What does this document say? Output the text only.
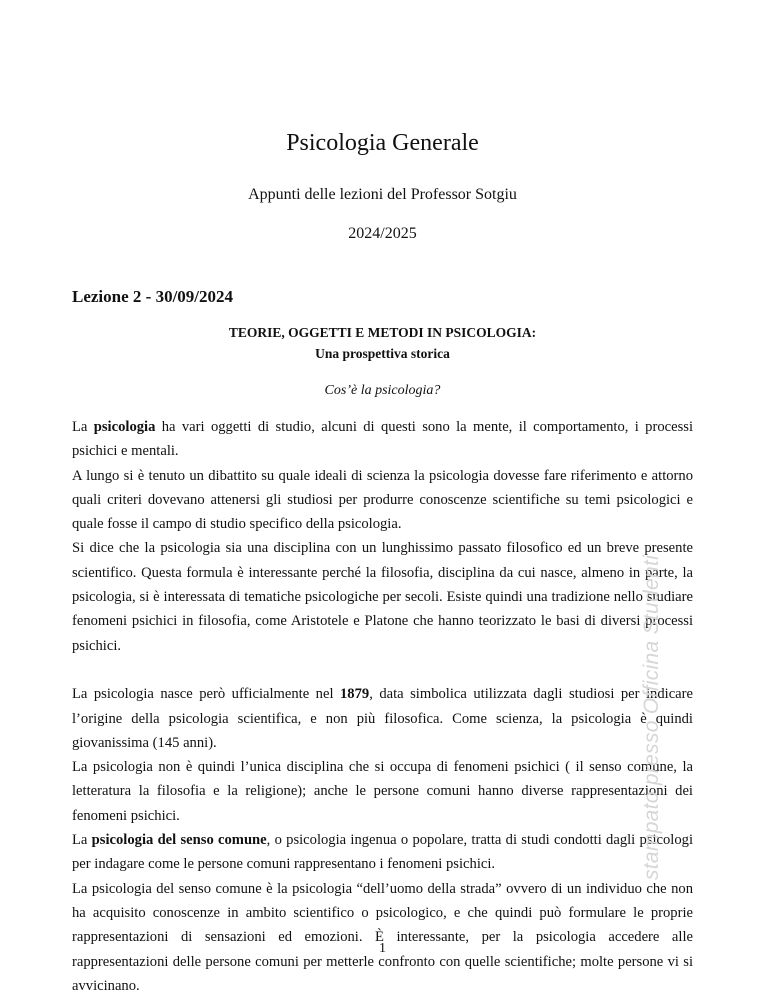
Psicologia Generale
Appunti delle lezioni del Professor Sotgiu
2024/2025
Lezione 2 - 30/09/2024
TEORIE, OGGETTI E METODI IN PSICOLOGIA:
Una prospettiva storica
Cos’è la psicologia?

La psicologia ha vari oggetti di studio, alcuni di questi sono la mente, il comportamento, i processi psichici e mentali.

A lungo si è tenuto un dibattito su quale ideali di scienza la psicologia dovesse fare riferimento e attorno quali criteri dovevano attenersi gli studiosi per produrre conoscenze scientifiche su temi psicologici e quale fosse il campo di studio specifico della psicologia.

Si dice che la psicologia sia una disciplina con un lunghissimo passato filosofico ed un breve presente scientifico. Questa formula è interessante perché la filosofia, disciplina da cui nasce, almeno in parte, la psicologia, si è interessata di tematiche psicologiche per secoli. Esiste quindi una tradizione nello studiare fenomeni psichici in filosofia, come Aristotele e Platone che hanno teorizzato le basi di diversi processi psichici.

La psicologia nasce però ufficialmente nel 1879, data simbolica utilizzata dagli studiosi per indicare l’origine della psicologia scientifica, e non più filosofica. Come scienza, la psicologia è quindi giovanissima (145 anni).

La psicologia non è quindi l’unica disciplina che si occupa di fenomeni psichici ( il senso comune, la letteratura la filosofia e la religione); anche le persone comuni hanno diverse rappresentazioni dei fenomeni psichici.

La psicologia del senso comune, o psicologia ingenua o popolare, tratta di studi condotti dagli psicologi per indagare come le persone comuni rappresentano i fenomeni psichici.

La psicologia del senso comune è la psicologia “dell’uomo della strada” ovvero di un individuo che non ha acquisito conoscenze in ambito scientifico o psicologico, e che quindi può formulare le proprie rappresentazioni di sensazioni ed emozioni. È interessante, per la psicologia accedere alle rappresentazioni delle persone comuni per metterle confronto con quelle scientifiche; molte persone vi si avvicinano.

stampato presso Officina Studenti
1
